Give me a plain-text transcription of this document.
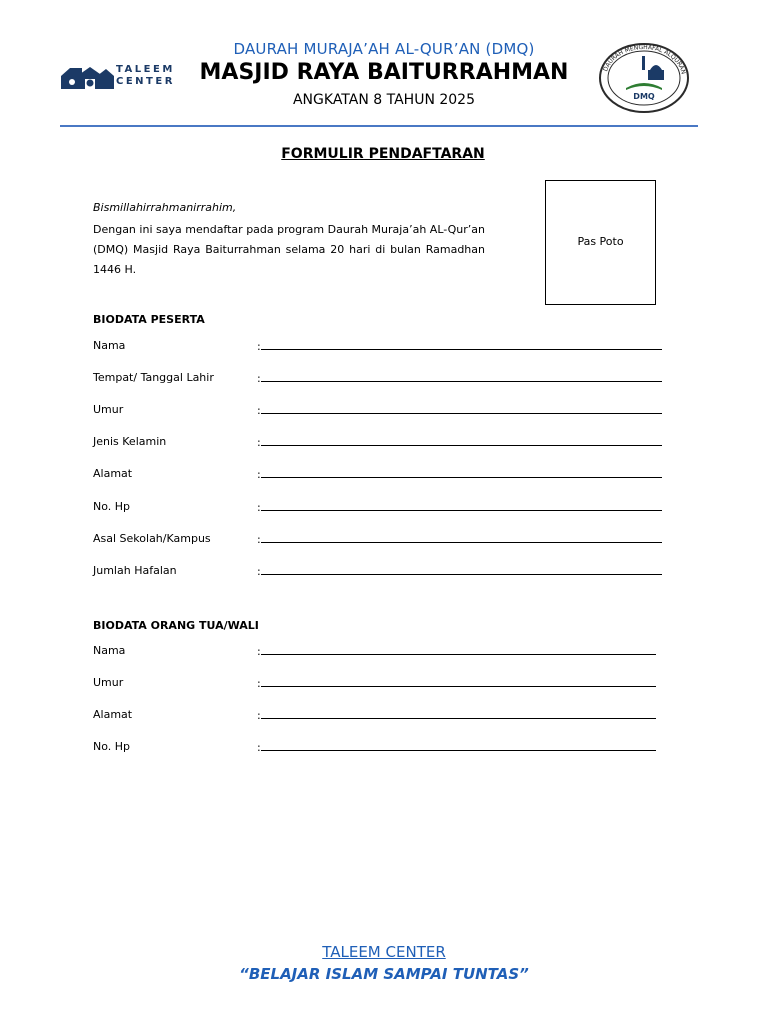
TALEEM
CENTER
DAURAH MURAJA’AH AL-QUR’AN (DMQ)
MASJID RAYA BAITURRAHMAN
ANGKATAN 8 TAHUN 2025
DAURAH MENGHAFAL ALQURAN
DMQ
FORMULIR PENDAFTARAN
Pas Poto
Bismillahirrahmanirrahim,
Dengan ini saya mendaftar pada program Daurah Muraja’ah AL-Qur’an (DMQ) Masjid Raya Baiturrahman selama 20 hari di bulan Ramadhan 1446 H.
BIODATA PESERTA
Nama	:
Tempat/ Tanggal Lahir	:
Umur	:
Jenis Kelamin	:
Alamat	:
No. Hp	:
Asal Sekolah/Kampus	:
Jumlah Hafalan	:
BIODATA ORANG TUA/WALI
Nama	:
Umur	:
Alamat	:
No. Hp	:
TALEEM CENTER
“BELAJAR ISLAM SAMPAI TUNTAS”
